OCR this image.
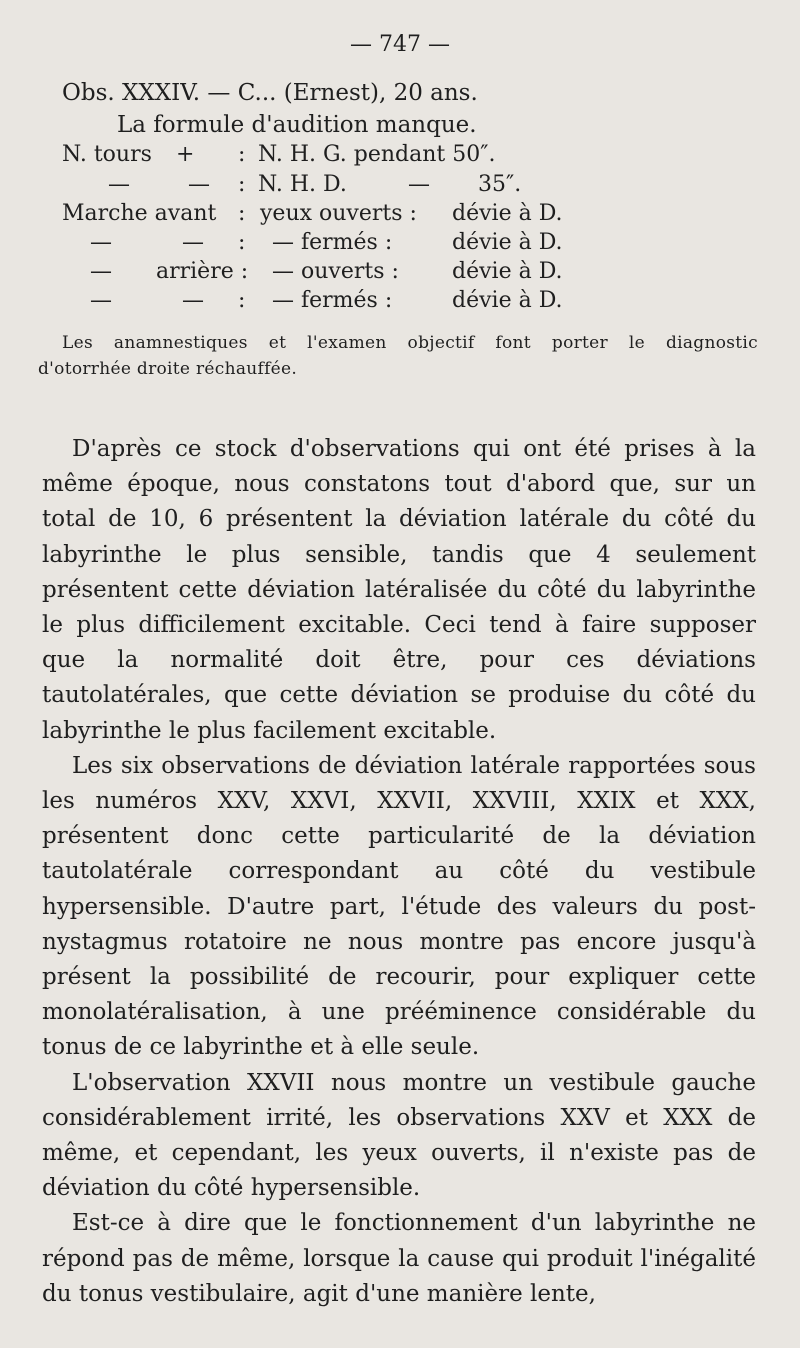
— 747 —
Obs. XXXIV. — C... (Ernest), 20 ans.
La formule d'audition manque.
N. tours + : N. H. G. pendant 50″.
—	— : N. H. D.	— 35″.
Marche avant : yeux ouverts : dévie à D.
—	— : — fermés :	dévie à D.
— arrière : — ouverts : dévie à D.
—	— : — fermés :	dévie à D.
Les anamnestiques et l'examen objectif font porter le diagnostic
d'otorrhée droite réchauffée.

D'après ce stock d'observations qui ont été prises à la même époque, nous constatons tout d'abord que, sur un total de 10, 6 présentent la déviation latérale du côté du labyrinthe le plus sensible, tandis que 4 seulement présentent cette déviation latéralisée du côté du labyrinthe le plus difficilement excitable. Ceci tend à faire supposer que la normalité doit être, pour ces déviations tautolatérales, que cette déviation se produise du côté du labyrinthe le plus facilement excitable.

Les six observations de déviation latérale rapportées sous les numéros XXV, XXVI, XXVII, XXVIII, XXIX et XXX, présentent donc cette particularité de la déviation tautolatérale correspondant au côté du vestibule hypersensible. D'autre part, l'étude des valeurs du post-nystagmus rotatoire ne nous montre pas encore jusqu'à présent la possibilité de recourir, pour expliquer cette monolatéralisation, à une prééminence considérable du tonus de ce labyrinthe et à elle seule.

L'observation XXVII nous montre un vestibule gauche considérablement irrité, les observations XXV et XXX de même, et cependant, les yeux ouverts, il n'existe pas de déviation du côté hypersensible.

Est-ce à dire que le fonctionnement d'un labyrinthe ne répond pas de même, lorsque la cause qui produit l'inégalité du tonus vestibulaire, agit d'une manière lente,
